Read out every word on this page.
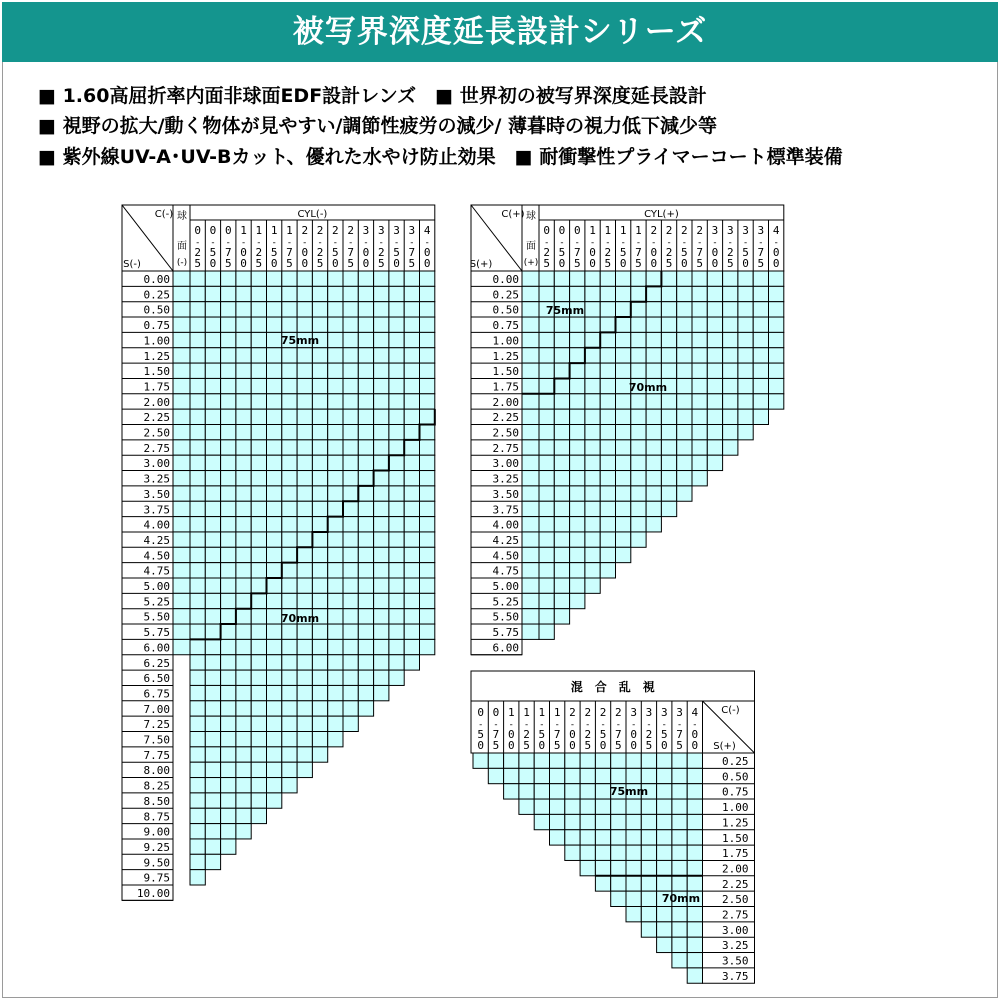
被写界深度延長設計シリーズ
■ 1.60高屈折率内面非球面EDF設計レンズ　■ 世界初の被写界深度延長設計
■ 視野の拡大/動く物体が見やすい/調節性疲労の減少/ 薄暮時の視力低下減少等
■ 紫外線UV-A･UV-Bカット、優れた水やけ防止効果　■ 耐衝撃性プライマーコート標準装備
C(-)
S(-)
球
面
(-)
CYL(-)
0
-
2
5
0
-
5
0
0
-
7
5
1
-
0
0
1
-
2
5
1
-
5
0
1
-
7
5
2
-
0
0
2
-
2
5
2
-
5
0
2
-
7
5
3
-
0
0
3
-
2
5
3
-
5
0
3
-
7
5
4
-
0
0
0.00
0.25
0.50
0.75
1.00
1.25
1.50
1.75
2.00
2.25
2.50
2.75
3.00
3.25
3.50
3.75
4.00
4.25
4.50
4.75
5.00
5.25
5.50
5.75
6.00
6.25
6.50
6.75
7.00
7.25
7.50
7.75
8.00
8.25
8.50
8.75
9.00
9.25
9.50
9.75
10.00
75mm
70mm
C(+)
S(+)
球
面
(+)
CYL(+)
0
-
2
5
0
-
5
0
0
-
7
5
1
-
0
0
1
-
2
5
1
-
5
0
1
-
7
5
2
-
0
0
2
-
2
5
2
-
5
0
2
-
7
5
3
-
0
0
3
-
2
5
3
-
5
0
3
-
7
5
4
-
0
0
0.00
0.25
0.50
0.75
1.00
1.25
1.50
1.75
2.00
2.25
2.50
2.75
3.00
3.25
3.50
3.75
4.00
4.25
4.50
4.75
5.00
5.25
5.50
5.75
6.00
75mm
70mm
混　合　乱　視
C(-)
S(+)
0
-
5
0
0
-
7
5
1
-
0
0
1
-
2
5
1
-
5
0
1
-
7
5
2
-
0
0
2
-
2
5
2
-
5
0
2
-
7
5
3
-
0
0
3
-
2
5
3
-
5
0
3
-
7
5
4
-
0
0
0.25
0.50
0.75
1.00
1.25
1.50
1.75
2.00
2.25
2.50
2.75
3.00
3.25
3.50
3.75
75mm
70mm
